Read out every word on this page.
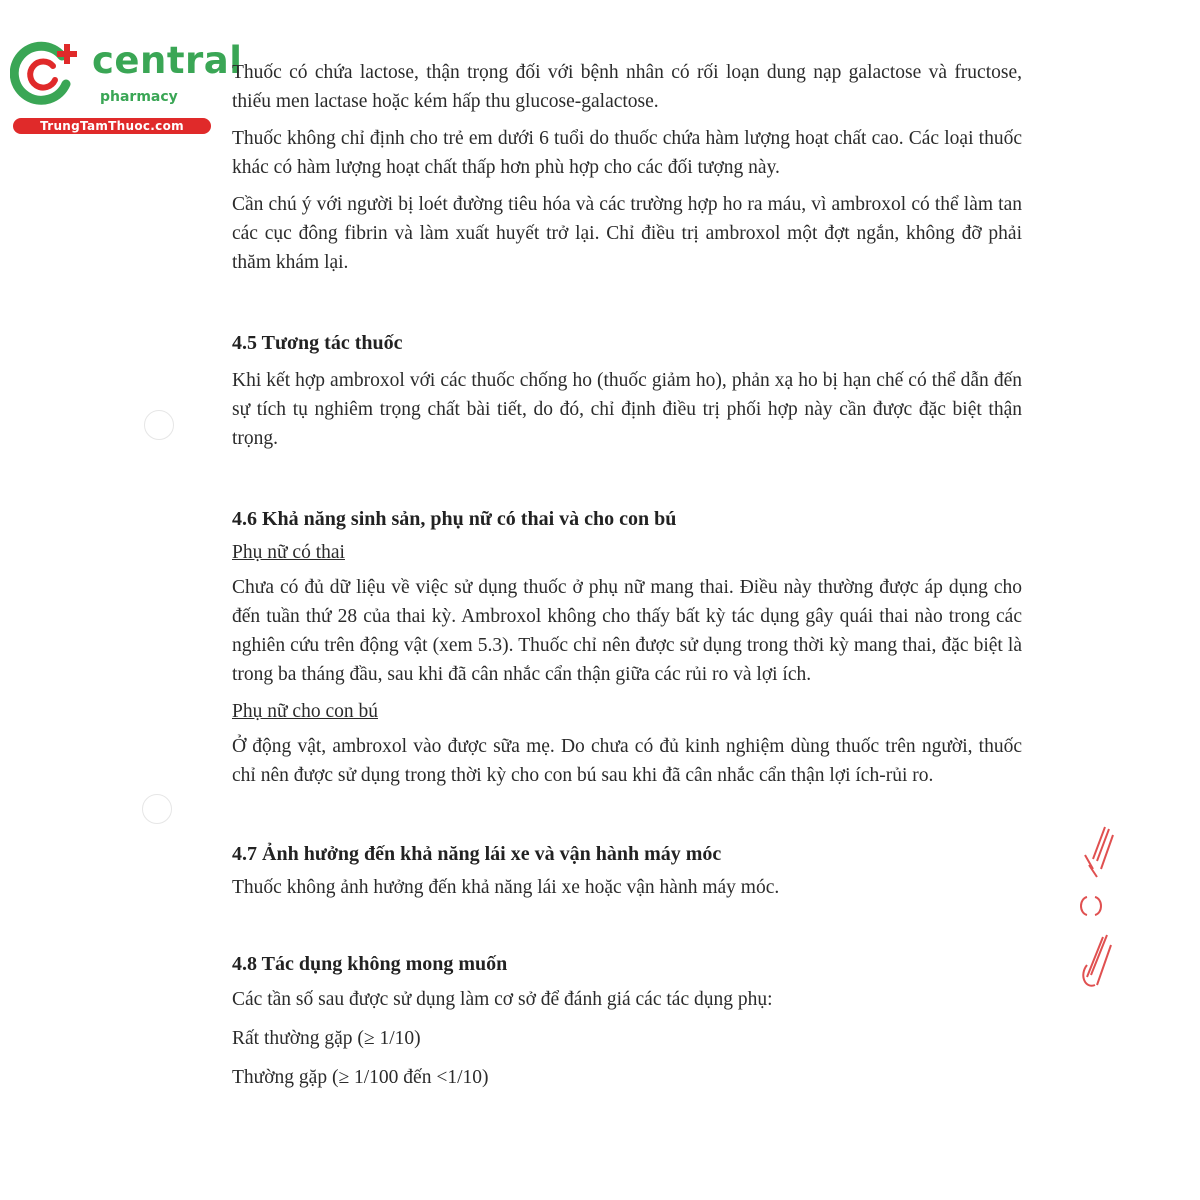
central
pharmacy
TrungTamThuoc.com

Thuốc có chứa lactose, thận trọng đối với bệnh nhân có rối loạn dung nạp galactose và fructose, thiếu men lactase hoặc kém hấp thu glucose-galactose.

Thuốc không chỉ định cho trẻ em dưới 6 tuổi do thuốc chứa hàm lượng hoạt chất cao. Các loại thuốc khác có hàm lượng hoạt chất thấp hơn phù hợp cho các đối tượng này.

Cần chú ý với người bị loét đường tiêu hóa và các trường hợp ho ra máu, vì ambroxol có thể làm tan các cục đông fibrin và làm xuất huyết trở lại. Chỉ điều trị ambroxol một đợt ngắn, không đỡ phải thăm khám lại.

4.5 Tương tác thuốc

Khi kết hợp ambroxol với các thuốc chống ho (thuốc giảm ho), phản xạ ho bị hạn chế có thể dẫn đến sự tích tụ nghiêm trọng chất bài tiết, do đó, chỉ định điều trị phối hợp này cần được đặc biệt thận trọng.

4.6 Khả năng sinh sản, phụ nữ có thai và cho con bú
Phụ nữ có thai

Chưa có đủ dữ liệu về việc sử dụng thuốc ở phụ nữ mang thai. Điều này thường được áp dụng cho đến tuần thứ 28 của thai kỳ. Ambroxol không cho thấy bất kỳ tác dụng gây quái thai nào trong các nghiên cứu trên động vật (xem 5.3). Thuốc chỉ nên được sử dụng trong thời kỳ mang thai, đặc biệt là trong ba tháng đầu, sau khi đã cân nhắc cẩn thận giữa các rủi ro và lợi ích.

Phụ nữ cho con bú

Ở động vật, ambroxol vào được sữa mẹ. Do chưa có đủ kinh nghiệm dùng thuốc trên người, thuốc chỉ nên được sử dụng trong thời kỳ cho con bú sau khi đã cân nhắc cẩn thận lợi ích-rủi ro.

4.7 Ảnh hưởng đến khả năng lái xe và vận hành máy móc

Thuốc không ảnh hưởng đến khả năng lái xe hoặc vận hành máy móc.

4.8 Tác dụng không mong muốn

Các tần số sau được sử dụng làm cơ sở để đánh giá các tác dụng phụ:

Rất thường gặp (≥ 1/10)

Thường gặp (≥ 1/100 đến <1/10)
